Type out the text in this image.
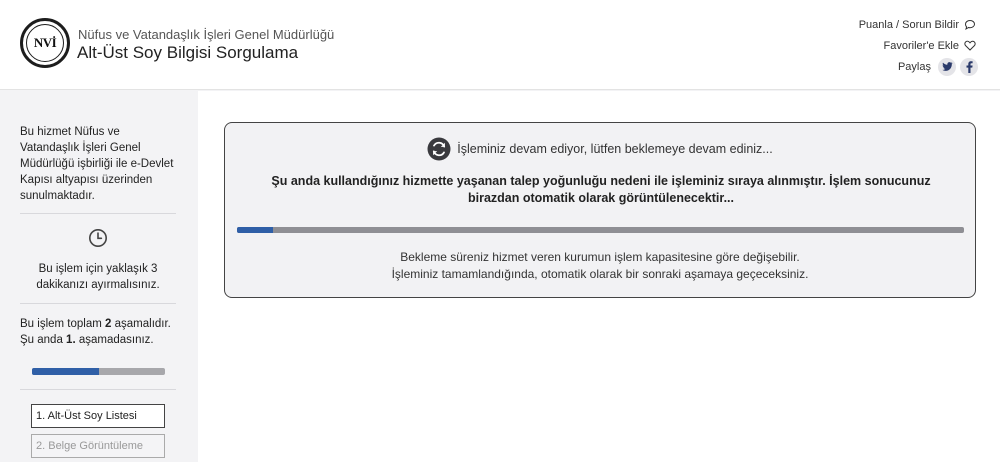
NVİ
Nüfus ve Vatandaşlık İşleri Genel Müdürlüğü
Alt-Üst Soy Bilgisi Sorgulama
Puanla / Sorun Bildir
Favoriler'e Ekle
Paylaş
Bu hizmet Nüfus ve Vatandaşlık İşleri Genel Müdürlüğü işbirliği ile e-Devlet Kapısı altyapısı üzerinden sunulmaktadır.
Bu işlem için yaklaşık 3 dakikanızı ayırmalısınız.
Bu işlem toplam 2 aşamalıdır.
Şu anda 1. aşamadasınız.
1. Alt-Üst Soy Listesi
2. Belge Görüntüleme
İşleminiz devam ediyor, lütfen beklemeye devam ediniz...
Şu anda kullandığınız hizmette yaşanan talep yoğunluğu nedeni ile işleminiz sıraya alınmıştır. İşlem sonucunuz birazdan otomatik olarak görüntülenecektir...
Bekleme süreniz hizmet veren kurumun işlem kapasitesine göre değişebilir.
İşleminiz tamamlandığında, otomatik olarak bir sonraki aşamaya geçeceksiniz.
